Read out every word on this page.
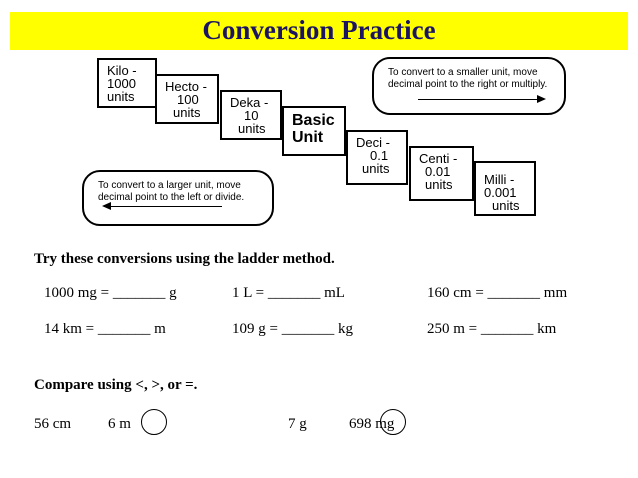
Conversion Practice
Kilo -
1000
units
Hecto -
100
units
Deka -
10
units	Basic
Unit	Deci -
0.1
units
Centi -
0.01
units	Milli -
0.001
units
To convert to a smaller unit, move decimal point to the right or multiply.
To convert to a larger unit, move decimal point to the left or divide.
Try these conversions using the ladder method.
1000 mg = _______ g	1 L = _______ mL	160 cm = _______ mm
14 km = _______ m	109 g = _______ kg	250 m = _______ km
Compare using <, >, or =.
56 cm 6 m	7 g	698 mg
